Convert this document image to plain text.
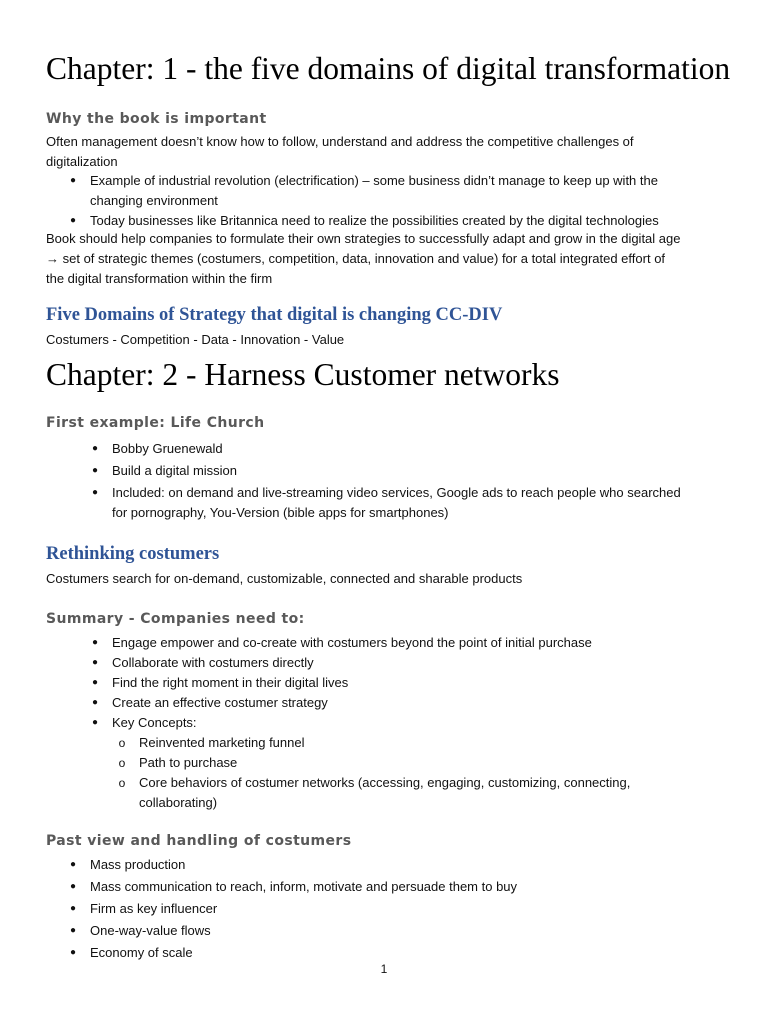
Chapter: 1 - the five domains of digital transformation
Why the book is important

Often management doesn’t know how to follow, understand and address the competitive challenges of
digitalization

● Example of industrial revolution (electrification) – some business didn’t manage to keep up with the
changing environment
● Today businesses like Britannica need to realize the possibilities created by the digital technologies

Book should help companies to formulate their own strategies to successfully adapt and grow in the digital age
→ set of strategic themes (costumers, competition, data, innovation and value) for a total integrated effort of
the digital transformation within the firm

Five Domains of Strategy that digital is changing CC-DIV

Costumers - Competition - Data - Innovation - Value

Chapter: 2 - Harness Customer networks
First example: Life Church
● Bobby Gruenewald
● Build a digital mission
● Included: on demand and live-streaming video services, Google ads to reach people who searched
for pornography, You-Version (bible apps for smartphones)
Rethinking costumers

Costumers search for on-demand, customizable, connected and sharable products

Summary - Companies need to:
● Engage empower and co-create with costumers beyond the point of initial purchase
● Collaborate with costumers directly
● Find the right moment in their digital lives
● Create an effective costumer strategy
● Key Concepts:
o Reinvented marketing funnel
o Path to purchase
o Core behaviors of costumer networks (accessing, engaging, customizing, connecting,
collaborating)
Past view and handling of costumers
● Mass production
● Mass communication to reach, inform, motivate and persuade them to buy
● Firm as key influencer
● One-way-value flows
● Economy of scale
1
